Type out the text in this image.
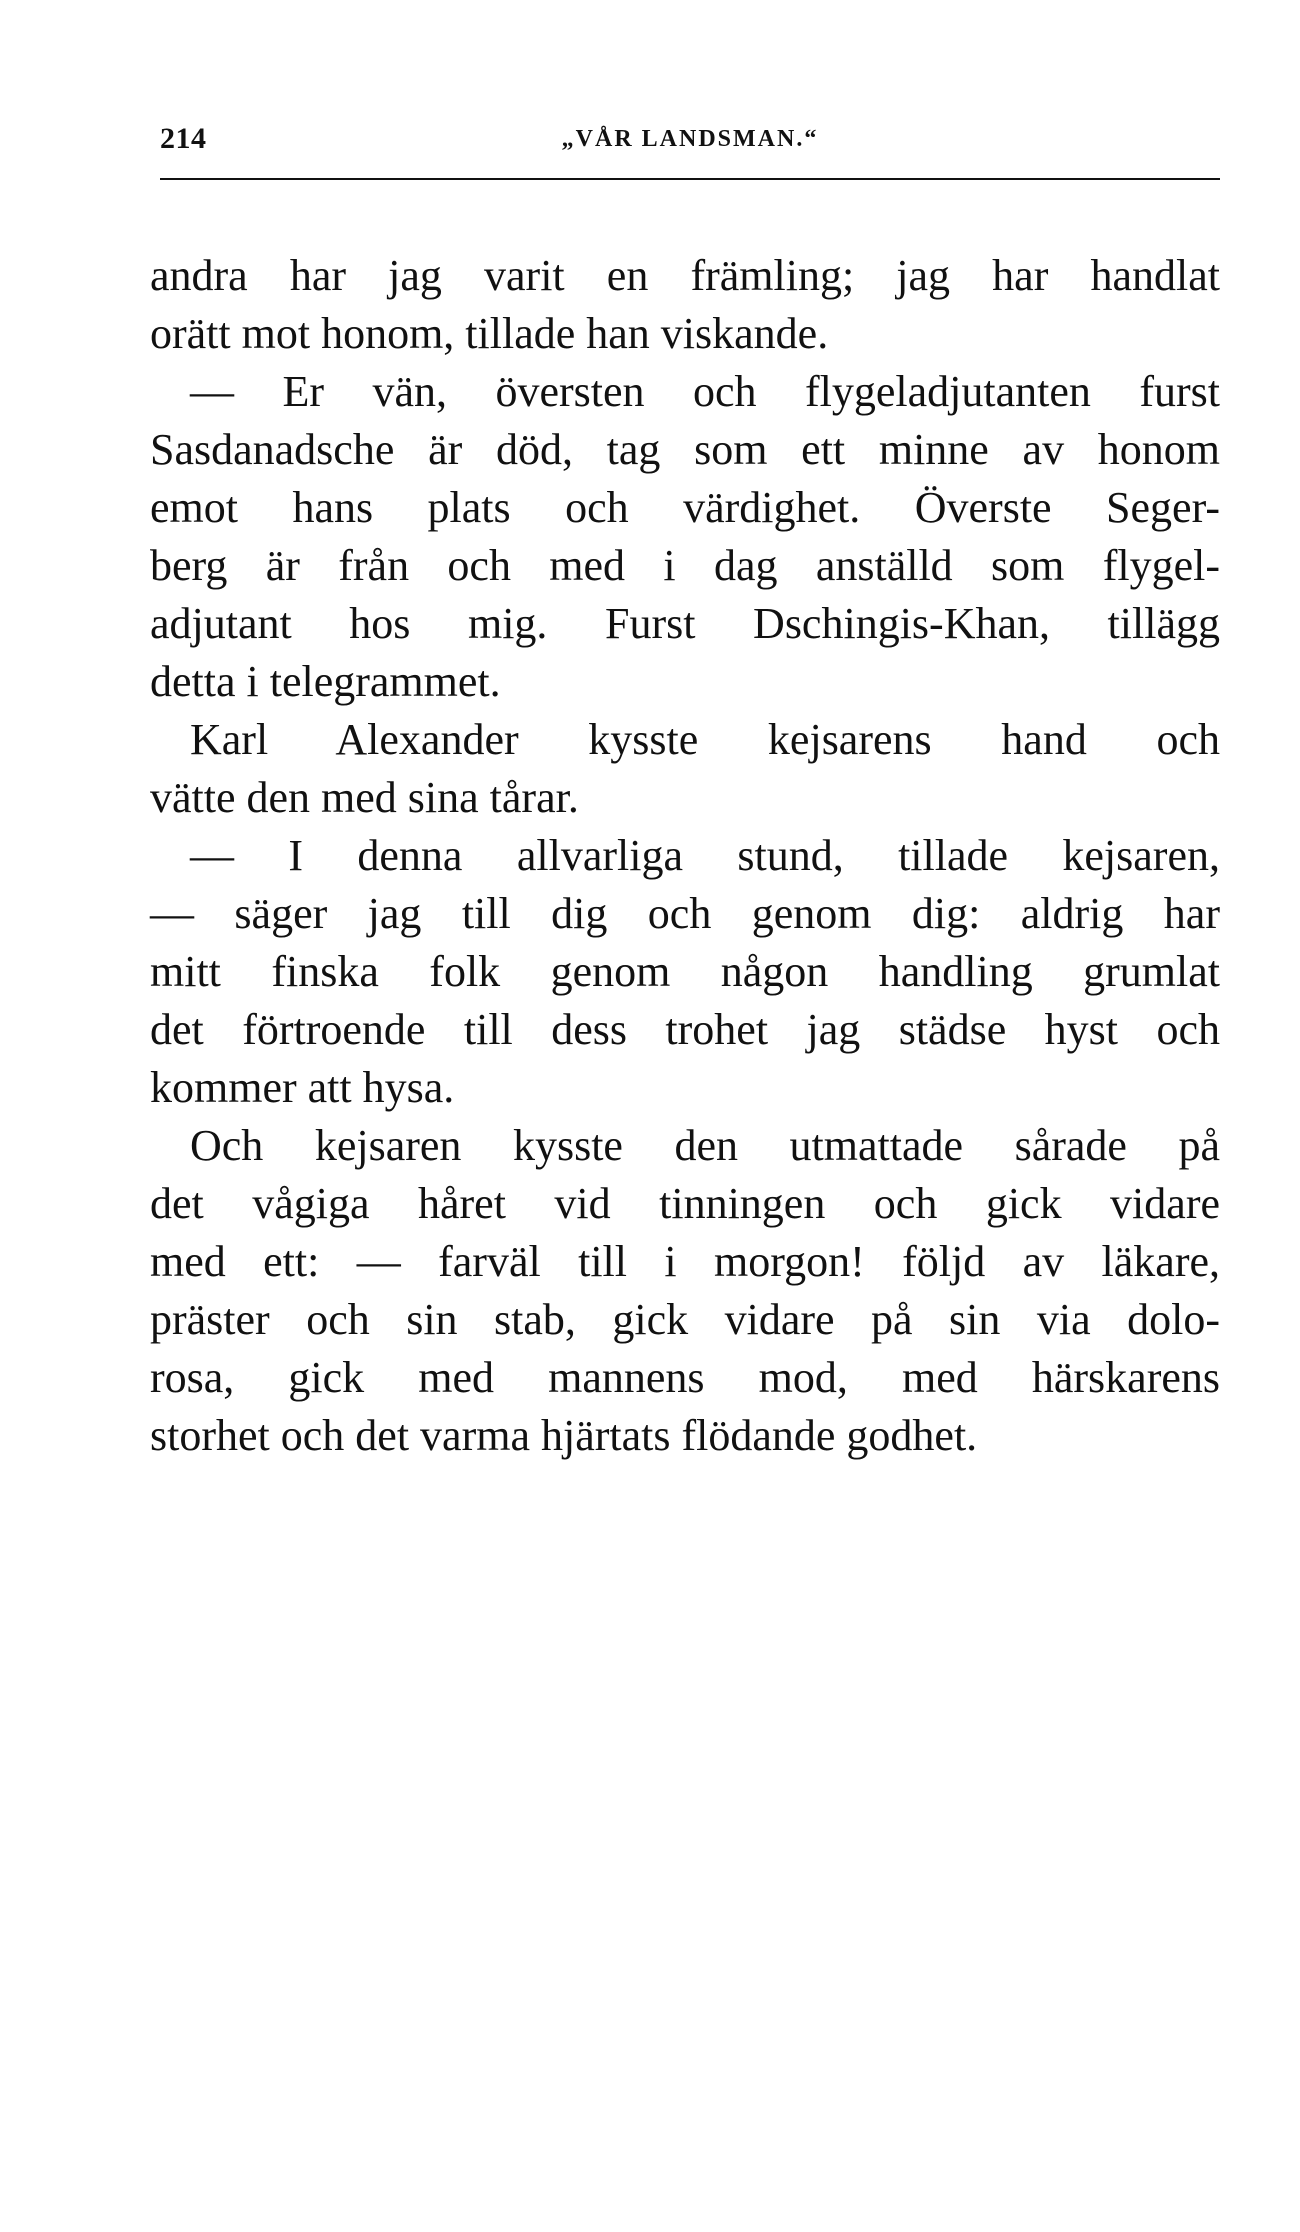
214	„VÅR LANDSMAN.“
andra har jag varit en främling; jag har handlat
orätt mot honom, tillade han viskande.
— Er vän, översten och flygeladjutanten furst
Sasdanadsche är död, tag som ett minne av honom
emot hans plats och värdighet. Överste Seger-
berg är från och med i dag anställd som flygel-
adjutant hos mig. Furst Dschingis-Khan, tillägg
detta i telegrammet.
Karl Alexander kysste kejsarens hand och
vätte den med sina tårar.
— I denna allvarliga stund, tillade kejsaren,
— säger jag till dig och genom dig: aldrig har
mitt finska folk genom någon handling grumlat
det förtroende till dess trohet jag städse hyst och
kommer att hysa.
Och kejsaren kysste den utmattade sårade på
det vågiga håret vid tinningen och gick vidare
med ett: — farväl till i morgon! följd av läkare,
präster och sin stab, gick vidare på sin via dolo-
rosa, gick med mannens mod, med härskarens
storhet och det varma hjärtats flödande godhet.
